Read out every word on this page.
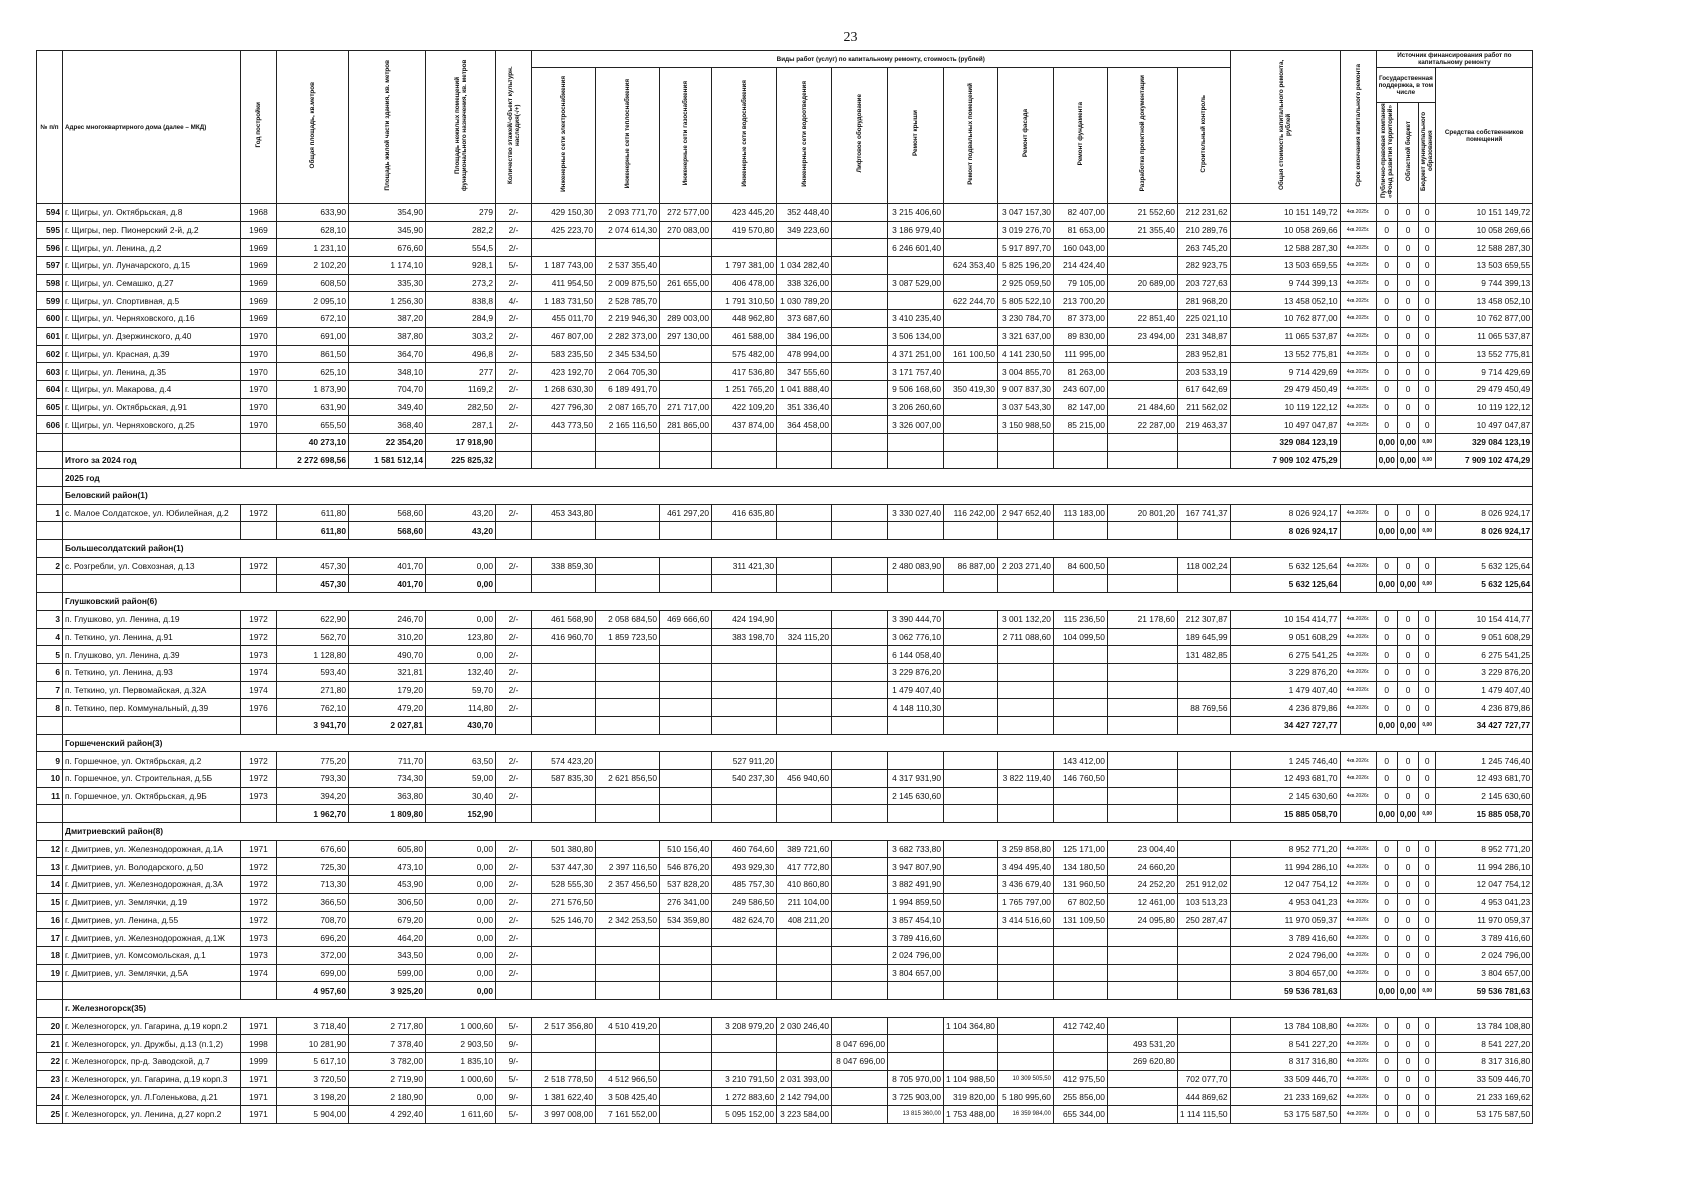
23
№ п/п	Адрес многоквартирного дома (далее – МКД)	Год постройки	Общая площадь, кв.метров	Площадь жилой части здания, кв. метров	Площадь нежилых помещений функционального назначения, кв. метров	Количество этажей/-объект культурн. наследия(-/+)	Виды работ (услуг) по капитальному ремонту, стоимость (рублей)												Общая стоимость капитального ремонта, рублей	Срок окончания капитального ремонта	Источник финансирования работ по капитальному ремонту			

							Инженерные сети электроснабжения	Инженерные сети теплоснабжения	Инженерные сети газоснабжения	Инженерные сети водоснабжения	Инженерные сети водоотведения	Лифтовое оборудование	Ремонт крыши	Ремонт подвальных помещений	Ремонт фасада	Ремонт фундамента	Разработка проектной документации	Строительный контроль			Государственная поддержка, в том числе			Средства собственников помещений

																					Публично-правовая компания «Фонд развития территорий»	Областной бюджет	Бюджет муниципального образования	
594	г. Щигры, ул. Октябрьская, д.8	1968	633,90	354,90	279	2/-	429 150,30	2 093 771,70	272 577,00	423 445,20	352 448,40		3 215 406,60		3 047 157,30	82 407,00	21 552,60	212 231,62	10 151 149,72	4кв.2025г.	0	0	0	10 151 149,72
595	г. Щигры, пер. Пионерский 2-й, д.2	1969	628,10	345,90	282,2	2/-	425 223,70	2 074 614,30	270 083,00	419 570,80	349 223,60		3 186 979,40		3 019 276,70	81 653,00	21 355,40	210 289,76	10 058 269,66	4кв.2025г.	0	0	0	10 058 269,66
596	г. Щигры, ул. Ленина, д.2	1969	1 231,10	676,60	554,5	2/-							6 246 601,40		5 917 897,70	160 043,00		263 745,20	12 588 287,30	4кв.2025г.	0	0	0	12 588 287,30
597	г. Щигры, ул. Луначарского, д.15	1969	2 102,20	1 174,10	928,1	5/-	1 187 743,00	2 537 355,40		1 797 381,00	1 034 282,40			624 353,40	5 825 196,20	214 424,40		282 923,75	13 503 659,55	4кв.2025г.	0	0	0	13 503 659,55
598	г. Щигры, ул. Семашко, д.27	1969	608,50	335,30	273,2	2/-	411 954,50	2 009 875,50	261 655,00	406 478,00	338 326,00		3 087 529,00		2 925 059,50	79 105,00	20 689,00	203 727,63	9 744 399,13	4кв.2025г.	0	0	0	9 744 399,13
599	г. Щигры, ул. Спортивная, д.5	1969	2 095,10	1 256,30	838,8	4/-	1 183 731,50	2 528 785,70		1 791 310,50	1 030 789,20			622 244,70	5 805 522,10	213 700,20		281 968,20	13 458 052,10	4кв.2025г.	0	0	0	13 458 052,10
600	г. Щигры, ул. Черняховского, д.16	1969	672,10	387,20	284,9	2/-	455 011,70	2 219 946,30	289 003,00	448 962,80	373 687,60		3 410 235,40		3 230 784,70	87 373,00	22 851,40	225 021,10	10 762 877,00	4кв.2025г.	0	0	0	10 762 877,00
601	г. Щигры, ул. Дзержинского, д.40	1970	691,00	387,80	303,2	2/-	467 807,00	2 282 373,00	297 130,00	461 588,00	384 196,00		3 506 134,00		3 321 637,00	89 830,00	23 494,00	231 348,87	11 065 537,87	4кв.2025г.	0	0	0	11 065 537,87
602	г. Щигры, ул. Красная, д.39	1970	861,50	364,70	496,8	2/-	583 235,50	2 345 534,50		575 482,00	478 994,00		4 371 251,00	161 100,50	4 141 230,50	111 995,00		283 952,81	13 552 775,81	4кв.2025г.	0	0	0	13 552 775,81
603	г. Щигры, ул. Ленина, д.35	1970	625,10	348,10	277	2/-	423 192,70	2 064 705,30		417 536,80	347 555,60		3 171 757,40		3 004 855,70	81 263,00		203 533,19	9 714 429,69	4кв.2025г.	0	0	0	9 714 429,69
604	г. Щигры, ул. Макарова, д.4	1970	1 873,90	704,70	1169,2	2/-	1 268 630,30	6 189 491,70		1 251 765,20	1 041 888,40		9 506 168,60	350 419,30	9 007 837,30	243 607,00		617 642,69	29 479 450,49	4кв.2025г.	0	0	0	29 479 450,49
605	г. Щигры, ул. Октябрьская, д.91	1970	631,90	349,40	282,50	2/-	427 796,30	2 087 165,70	271 717,00	422 109,20	351 336,40		3 206 260,60		3 037 543,30	82 147,00	21 484,60	211 562,02	10 119 122,12	4кв.2025г.	0	0	0	10 119 122,12
606	г. Щигры, ул. Черняховского, д.25	1970	655,50	368,40	287,1	2/-	443 773,50	2 165 116,50	281 865,00	437 874,00	364 458,00		3 326 007,00		3 150 988,50	85 215,00	22 287,00	219 463,37	10 497 047,87	4кв.2025г.	0	0	0	10 497 047,87
			40 273,10	22 354,20	17 918,90														329 084 123,19		0,00	0,00	0,00	329 084 123,19
	Итого за 2024 год		2 272 698,56	1 581 512,14	225 825,32														7 909 102 475,29		0,00	0,00	0,00	7 909 102 474,29
	2025 год																							
	Беловский район(1)																							
1	с. Малое Солдатское, ул. Юбилейная, д.2	1972	611,80	568,60	43,20	2/-	453 343,80		461 297,20	416 635,80			3 330 027,40	116 242,00	2 947 652,40	113 183,00	20 801,20	167 741,37	8 026 924,17	4кв.2026г.	0	0	0	8 026 924,17
			611,80	568,60	43,20														8 026 924,17		0,00	0,00	0,00	8 026 924,17
	Большесолдатский район(1)																							
2	с. Розгребли, ул. Совхозная, д.13	1972	457,30	401,70	0,00	2/-	338 859,30			311 421,30			2 480 083,90	86 887,00	2 203 271,40	84 600,50		118 002,24	5 632 125,64	4кв.2026г.	0	0	0	5 632 125,64
			457,30	401,70	0,00														5 632 125,64		0,00	0,00	0,00	5 632 125,64
	Глушковский район(6)																							
3	п. Глушково, ул. Ленина, д.19	1972	622,90	246,70	0,00	2/-	461 568,90	2 058 684,50	469 666,60	424 194,90			3 390 444,70		3 001 132,20	115 236,50	21 178,60	212 307,87	10 154 414,77	4кв.2026г.	0	0	0	10 154 414,77
4	п. Теткино, ул. Ленина, д.91	1972	562,70	310,20	123,80	2/-	416 960,70	1 859 723,50		383 198,70	324 115,20		3 062 776,10		2 711 088,60	104 099,50		189 645,99	9 051 608,29	4кв.2026г.	0	0	0	9 051 608,29
5	п. Глушково, ул. Ленина, д.39	1973	1 128,80	490,70	0,00	2/-							6 144 058,40					131 482,85	6 275 541,25	4кв.2026г.	0	0	0	6 275 541,25
6	п. Теткино, ул. Ленина, д.93	1974	593,40	321,81	132,40	2/-							3 229 876,20						3 229 876,20	4кв.2026г.	0	0	0	3 229 876,20
7	п. Теткино, ул. Первомайская, д.32А	1974	271,80	179,20	59,70	2/-							1 479 407,40						1 479 407,40	4кв.2026г.	0	0	0	1 479 407,40
8	п. Теткино, пер. Коммунальный, д.39	1976	762,10	479,20	114,80	2/-							4 148 110,30					88 769,56	4 236 879,86	4кв.2026г.	0	0	0	4 236 879,86
			3 941,70	2 027,81	430,70														34 427 727,77		0,00	0,00	0,00	34 427 727,77
	Горшеченский район(3)																							
9	п. Горшечное, ул. Октябрьская, д.2	1972	775,20	711,70	63,50	2/-	574 423,20			527 911,20						143 412,00			1 245 746,40	4кв.2026г.	0	0	0	1 245 746,40
10	п. Горшечное, ул. Строительная, д.5Б	1972	793,30	734,30	59,00	2/-	587 835,30	2 621 856,50		540 237,30	456 940,60		4 317 931,90		3 822 119,40	146 760,50			12 493 681,70	4кв.2026г.	0	0	0	12 493 681,70
11	п. Горшечное, ул. Октябрьская, д.9Б	1973	394,20	363,80	30,40	2/-							2 145 630,60						2 145 630,60	4кв.2026г.	0	0	0	2 145 630,60
			1 962,70	1 809,80	152,90														15 885 058,70		0,00	0,00	0,00	15 885 058,70
	Дмитриевский район(8)																							
12	г. Дмитриев, ул. Железнодорожная, д.1А	1971	676,60	605,80	0,00	2/-	501 380,80		510 156,40	460 764,60	389 721,60		3 682 733,80		3 259 858,80	125 171,00	23 004,40		8 952 771,20	4кв.2026г.	0	0	0	8 952 771,20
13	г. Дмитриев, ул. Володарского, д.50	1972	725,30	473,10	0,00	2/-	537 447,30	2 397 116,50	546 876,20	493 929,30	417 772,80		3 947 807,90		3 494 495,40	134 180,50	24 660,20		11 994 286,10	4кв.2026г.	0	0	0	11 994 286,10
14	г. Дмитриев, ул. Железнодорожная, д.3А	1972	713,30	453,90	0,00	2/-	528 555,30	2 357 456,50	537 828,20	485 757,30	410 860,80		3 882 491,90		3 436 679,40	131 960,50	24 252,20	251 912,02	12 047 754,12	4кв.2026г.	0	0	0	12 047 754,12
15	г. Дмитриев, ул. Землячки, д.19	1972	366,50	306,50	0,00	2/-	271 576,50		276 341,00	249 586,50	211 104,00		1 994 859,50		1 765 797,00	67 802,50	12 461,00	103 513,23	4 953 041,23	4кв.2026г.	0	0	0	4 953 041,23
16	г. Дмитриев, ул. Ленина, д.55	1972	708,70	679,20	0,00	2/-	525 146,70	2 342 253,50	534 359,80	482 624,70	408 211,20		3 857 454,10		3 414 516,60	131 109,50	24 095,80	250 287,47	11 970 059,37	4кв.2026г.	0	0	0	11 970 059,37
17	г. Дмитриев, ул. Железнодорожная, д.1Ж	1973	696,20	464,20	0,00	2/-							3 789 416,60						3 789 416,60	4кв.2026г.	0	0	0	3 789 416,60
18	г. Дмитриев, ул. Комсомольская, д.1	1973	372,00	343,50	0,00	2/-							2 024 796,00						2 024 796,00	4кв.2026г.	0	0	0	2 024 796,00
19	г. Дмитриев, ул. Землячки, д.5А	1974	699,00	599,00	0,00	2/-							3 804 657,00						3 804 657,00	4кв.2026г.	0	0	0	3 804 657,00
			4 957,60	3 925,20	0,00														59 536 781,63		0,00	0,00	0,00	59 536 781,63
	г. Железногорск(35)																							
20	г. Железногорск, ул. Гагарина, д.19 корп.2	1971	3 718,40	2 717,80	1 000,60	5/-	2 517 356,80	4 510 419,20		3 208 979,20	2 030 246,40			1 104 364,80		412 742,40			13 784 108,80	4кв.2026г.	0	0	0	13 784 108,80
21	г. Железногорск, ул. Дружбы, д.13 (п.1,2)	1998	10 281,90	7 378,40	2 903,50	9/-						8 047 696,00					493 531,20		8 541 227,20	4кв.2026г.	0	0	0	8 541 227,20
22	г. Железногорск, пр-д. Заводской, д.7	1999	5 617,10	3 782,00	1 835,10	9/-						8 047 696,00					269 620,80		8 317 316,80	4кв.2026г.	0	0	0	8 317 316,80
23	г. Железногорск, ул. Гагарина, д.19 корп.3	1971	3 720,50	2 719,90	1 000,60	5/-	2 518 778,50	4 512 966,50		3 210 791,50	2 031 393,00		8 705 970,00	1 104 988,50	10 309 505,50	412 975,50		702 077,70	33 509 446,70	4кв.2026г.	0	0	0	33 509 446,70
24	г. Железногорск, ул. Л.Голенькова, д.21	1971	3 198,20	2 180,90	0,00	9/-	1 381 622,40	3 508 425,40		1 272 883,60	2 142 794,00		3 725 903,00	319 820,00	5 180 995,60	255 856,00		444 869,62	21 233 169,62	4кв.2026г.	0	0	0	21 233 169,62
25	г. Железногорск, ул. Ленина, д.27 корп.2	1971	5 904,00	4 292,40	1 611,60	5/-	3 997 008,00	7 161 552,00		5 095 152,00	3 223 584,00		13 815 360,00	1 753 488,00	16 359 984,00	655 344,00		1 114 115,50	53 175 587,50	4кв.2026г.	0	0	0	53 175 587,50
